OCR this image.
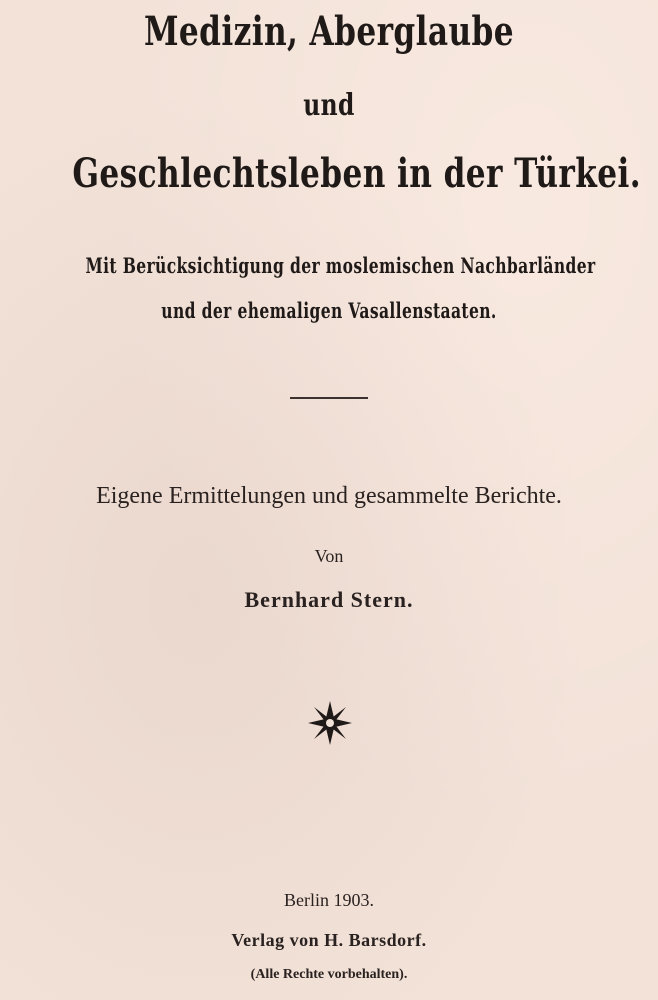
Medizin, Aberglaube
und
Geschlechtsleben in der Türkei.
Mit Berücksichtigung der moslemischen Nachbarländer
und der ehemaligen Vasallenstaaten.
Eigene Ermittelungen und gesammelte Berichte.
Von
Bernhard Stern.
Berlin 1903.
Verlag von H. Barsdorf.
(Alle Rechte vorbehalten).
